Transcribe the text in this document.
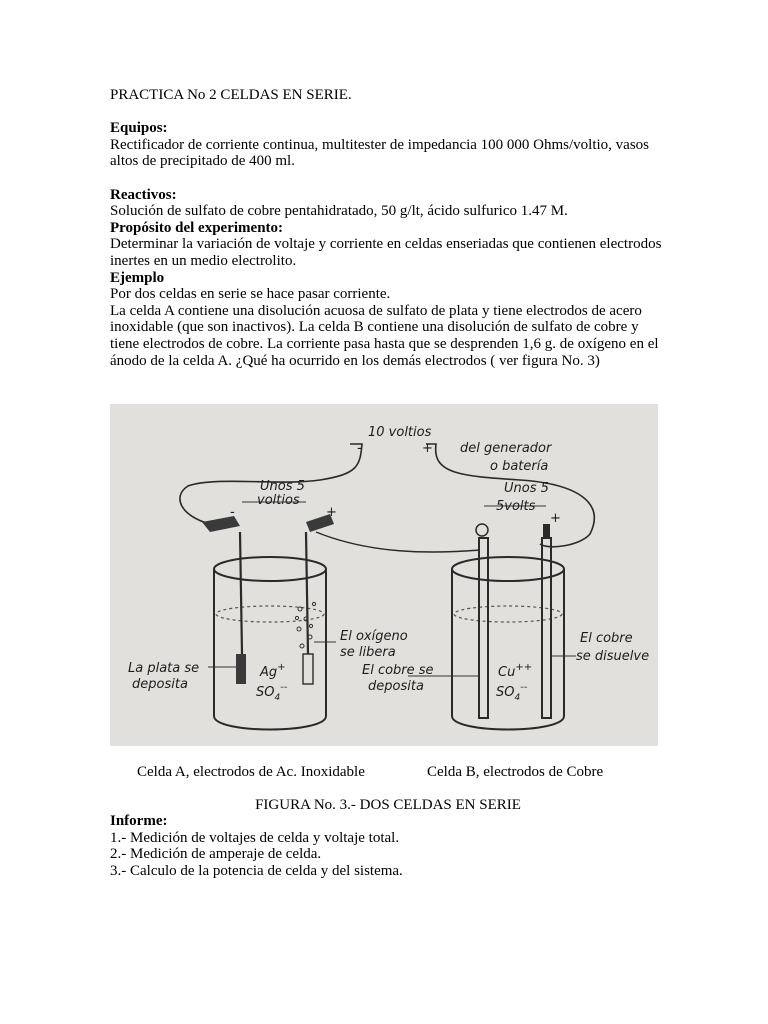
PRACTICA No 2 CELDAS EN SERIE.

Equipos:

Rectificador de corriente continua, multitester de impedancia 100 000 Ohms/voltio, vasos altos de precipitado de 400 ml.

Reactivos:

Solución de sulfato de cobre pentahidratado, 50 g/lt, ácido sulfurico 1.47 M.

Propósito del experimento:

Determinar la variación de voltaje y corriente en celdas enseriadas que contienen electrodos inertes en un medio electrolito.

Ejemplo

Por dos celdas en serie se hace pasar corriente.

La celda A contiene una disolución acuosa de sulfato de plata y tiene electrodos de acero inoxidable (que son inactivos). La celda B contiene una disolución de sulfato de cobre y tiene electrodos de cobre. La corriente pasa hasta que se desprenden 1,6 g. de oxígeno en el ánodo de la celda A. ¿Qué ha ocurrido en los demás electrodos ( ver figura No. 3)

10 voltios
-	+ del generador
o batería
Unos 5
voltios
-	+
Unos 5
5volts
+
El oxígeno
se libera
El cobre se
deposita
La plata se
deposita
El cobre
se disuelve
Ag+
$SO_4^{--}$
Cu++
$SO_4^{--}$
Celda A, electrodos de Ac. Inoxidable	Celda B, electrodos de Cobre
FIGURA No. 3.- DOS CELDAS EN SERIE

Informe:

1.- Medición de voltajes de celda y voltaje total.

2.- Medición de amperaje de celda.

3.- Calculo de la potencia de celda y del sistema.
